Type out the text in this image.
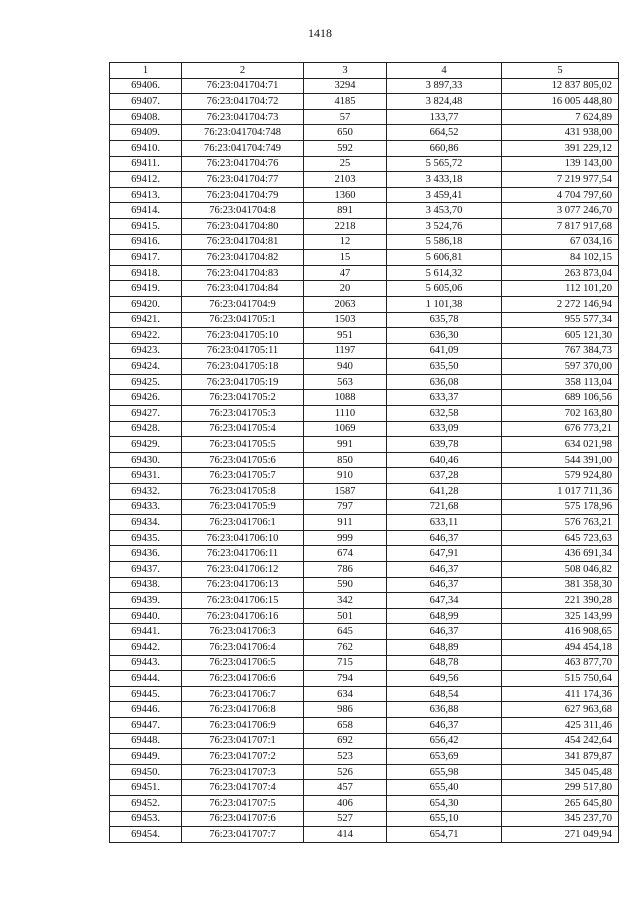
1418
1	2	3	4	5
69406.	76:23:041704:71	3294	3 897,33	12 837 805,02
69407.	76:23:041704:72	4185	3 824,48	16 005 448,80
69408.	76:23:041704:73	57	133,77	7 624,89
69409.	76:23:041704:748	650	664,52	431 938,00
69410.	76:23:041704:749	592	660,86	391 229,12
69411.	76:23:041704:76	25	5 565,72	139 143,00
69412.	76:23:041704:77	2103	3 433,18	7 219 977,54
69413.	76:23:041704:79	1360	3 459,41	4 704 797,60
69414.	76:23:041704:8	891	3 453,70	3 077 246,70
69415.	76:23:041704:80	2218	3 524,76	7 817 917,68
69416.	76:23:041704:81	12	5 586,18	67 034,16
69417.	76:23:041704:82	15	5 606,81	84 102,15
69418.	76:23:041704:83	47	5 614,32	263 873,04
69419.	76:23:041704:84	20	5 605,06	112 101,20
69420.	76:23:041704:9	2063	1 101,38	2 272 146,94
69421.	76:23:041705:1	1503	635,78	955 577,34
69422.	76:23:041705:10	951	636,30	605 121,30
69423.	76:23:041705:11	1197	641,09	767 384,73
69424.	76:23:041705:18	940	635,50	597 370,00
69425.	76:23:041705:19	563	636,08	358 113,04
69426.	76:23:041705:2	1088	633,37	689 106,56
69427.	76:23:041705:3	1110	632,58	702 163,80
69428.	76:23:041705:4	1069	633,09	676 773,21
69429.	76:23:041705:5	991	639,78	634 021,98
69430.	76:23:041705:6	850	640,46	544 391,00
69431.	76:23:041705:7	910	637,28	579 924,80
69432.	76:23:041705:8	1587	641,28	1 017 711,36
69433.	76:23:041705:9	797	721,68	575 178,96
69434.	76:23:041706:1	911	633,11	576 763,21
69435.	76:23:041706:10	999	646,37	645 723,63
69436.	76:23:041706:11	674	647,91	436 691,34
69437.	76:23:041706:12	786	646,37	508 046,82
69438.	76:23:041706:13	590	646,37	381 358,30
69439.	76:23:041706:15	342	647,34	221 390,28
69440.	76:23:041706:16	501	648,99	325 143,99
69441.	76:23:041706:3	645	646,37	416 908,65
69442.	76:23:041706:4	762	648,89	494 454,18
69443.	76:23:041706:5	715	648,78	463 877,70
69444.	76:23:041706:6	794	649,56	515 750,64
69445.	76:23:041706:7	634	648,54	411 174,36
69446.	76:23:041706:8	986	636,88	627 963,68
69447.	76:23:041706:9	658	646,37	425 311,46
69448.	76:23:041707:1	692	656,42	454 242,64
69449.	76:23:041707:2	523	653,69	341 879,87
69450.	76:23:041707:3	526	655,98	345 045,48
69451.	76:23:041707:4	457	655,40	299 517,80
69452.	76:23:041707:5	406	654,30	265 645,80
69453.	76:23:041707:6	527	655,10	345 237,70
69454.	76:23:041707:7	414	654,71	271 049,94
